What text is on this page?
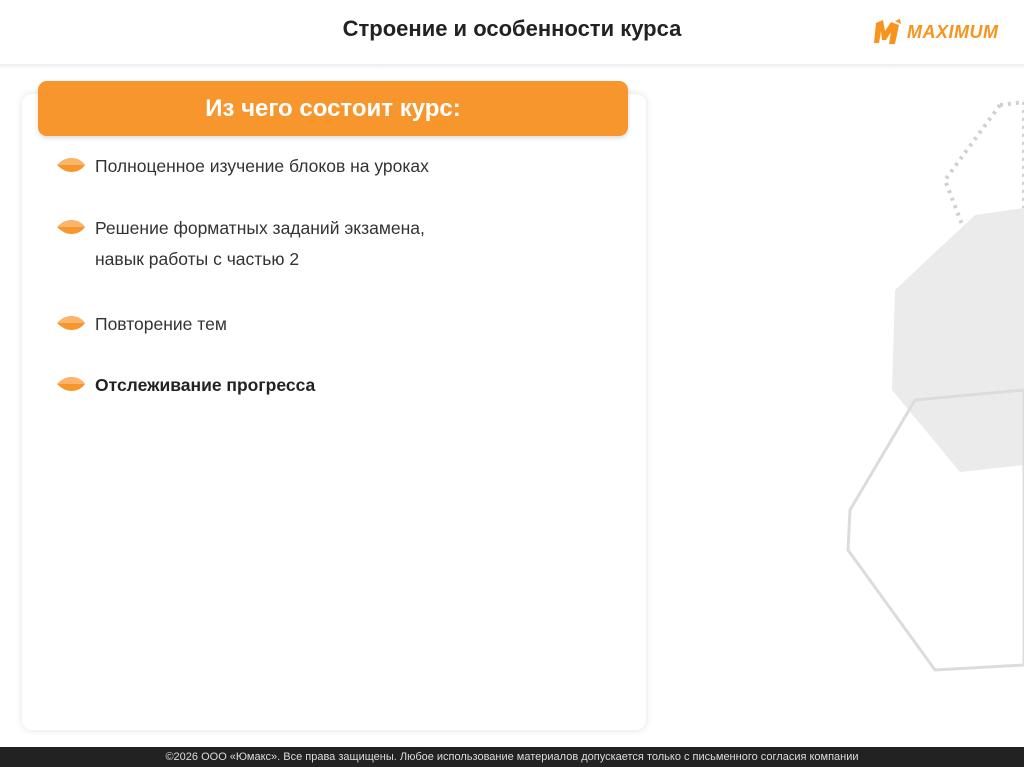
Строение и особенности курса	MAXIMUM
Из чего состоит курс:
Полноценное изучение блоков на уроках
Решение форматных заданий экзамена,
навык работы с частью 2
Повторение тем
Отслеживание прогресса
©2026 ООО «Юмакс». Все права защищены. Любое использование материалов допускается только с письменного согласия компании
